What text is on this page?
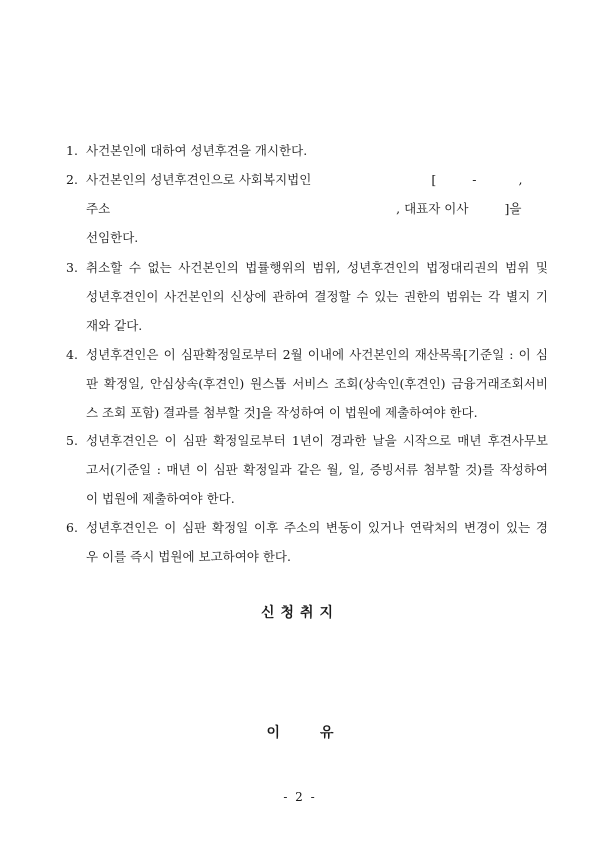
1. 사건본인에 대하여 성년후견을 개시한다.
2. 사건본인의 성년후견인으로 사회복지법인	[	-	,
주소	, 대표자 이사	]을
선임한다.
3. 취소할 수 없는 사건본인의 법률행위의 범위, 성년후견인의 법정대리권의 범위 및
성년후견인이 사건본인의 신상에 관하여 결정할 수 있는 권한의 범위는 각 별지 기
재와 같다.
4. 성년후견인은 이 심판확정일로부터 2월 이내에 사건본인의 재산목록[기준일 : 이 심
판 확정일, 안심상속(후견인) 원스톱 서비스 조회(상속인(후견인) 금융거래조회서비
스 조회 포함) 결과를 첨부할 것]을 작성하여 이 법원에 제출하여야 한다.
5. 성년후견인은 이 심판 확정일로부터 1년이 경과한 날을 시작으로 매년 후견사무보
고서(기준일 : 매년 이 심판 확정일과 같은 월, 일, 증빙서류 첨부할 것)를 작성하여
이 법원에 제출하여야 한다.
6. 성년후견인은 이 심판 확정일 이후 주소의 변동이 있거나 연락처의 변경이 있는 경
우 이를 즉시 법원에 보고하여야 한다.
신청취지
이유
- 2 -
